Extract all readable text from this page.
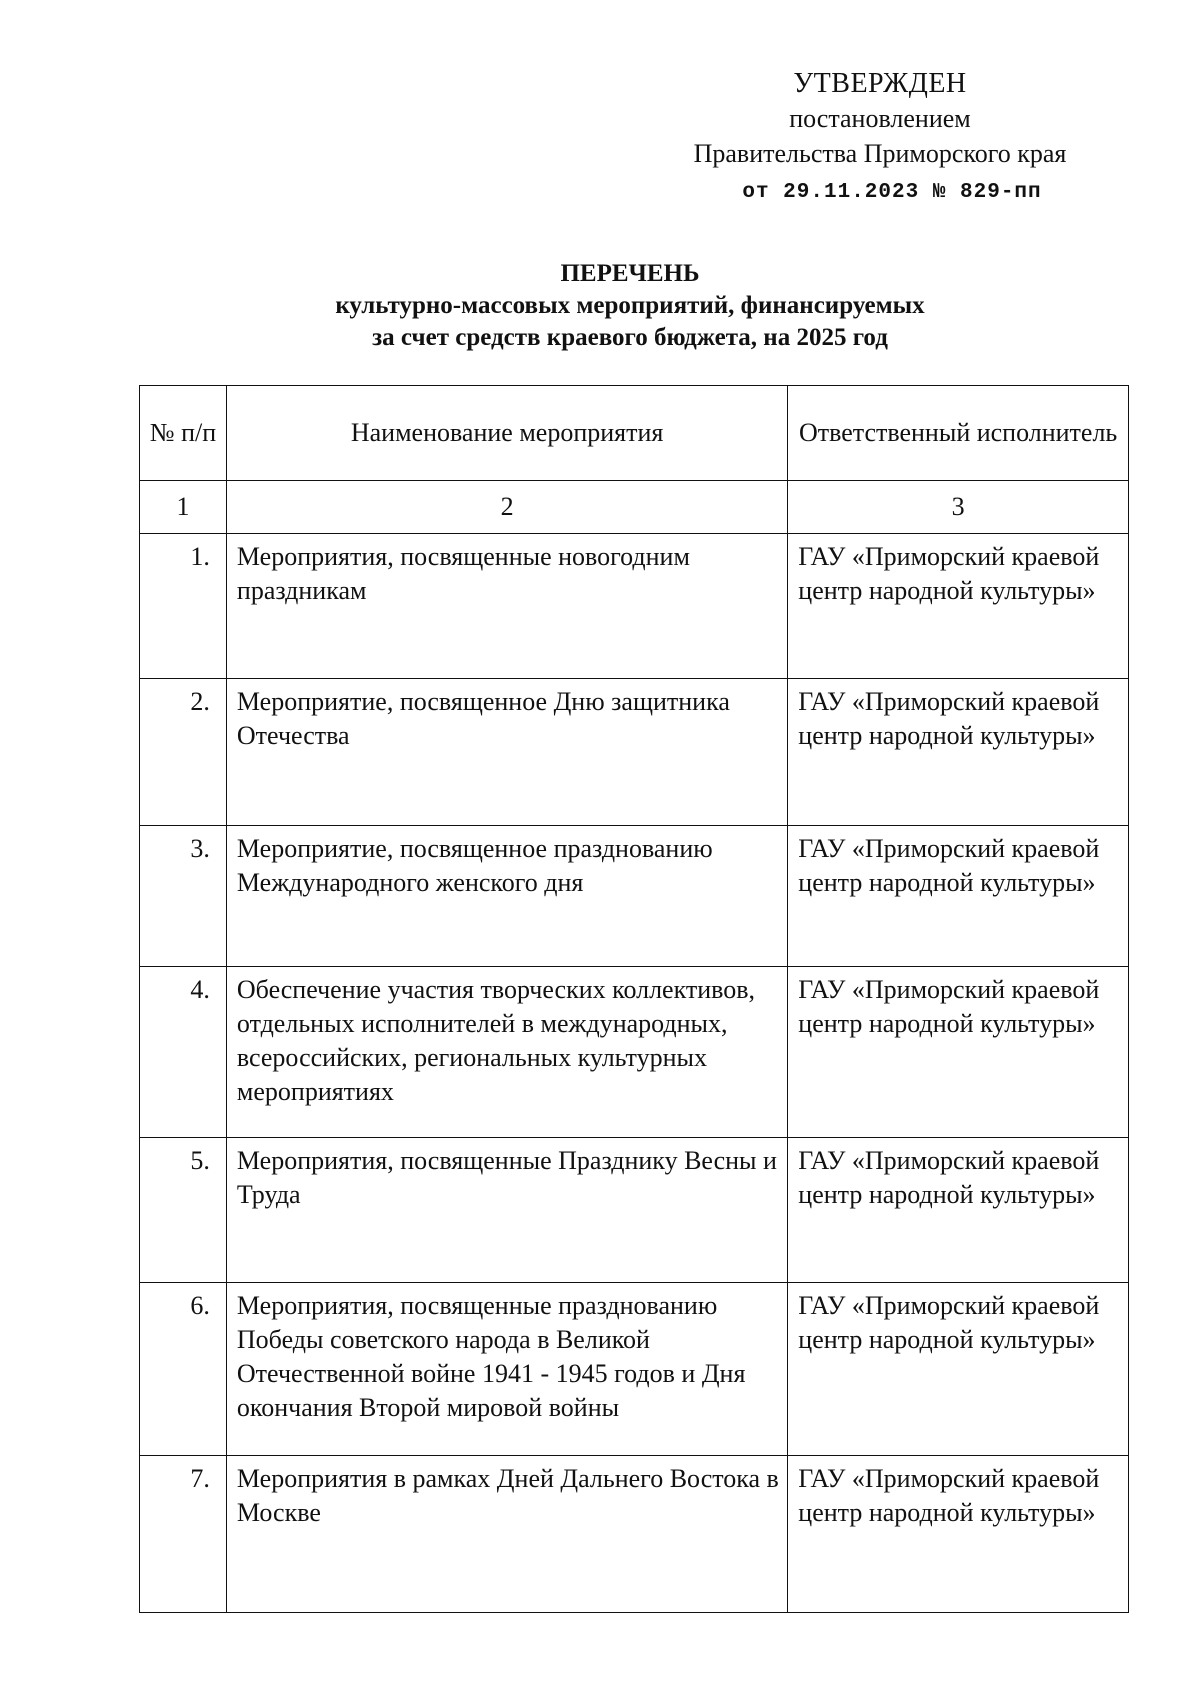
УТВЕРЖДЕН
постановлением
Правительства Приморского края
от 29.11.2023 № 829-пп
ПЕРЕЧЕНЬ
культурно-массовых мероприятий, финансируемых
за счет средств краевого бюджета, на 2025 год
№ п/п	Наименование мероприятия	Ответственный исполнитель
1	2	3
1.	Мероприятия, посвященные новогодним праздникам	ГАУ «Приморский краевой центр народной культуры»
2.	Мероприятие, посвященное Дню защитника Отечества	ГАУ «Приморский краевой центр народной культуры»
3.	Мероприятие, посвященное празднованию Международного женского дня	ГАУ «Приморский краевой центр народной культуры»
4.	Обеспечение участия творческих коллективов, отдельных исполнителей в международных, всероссийских, региональных культурных мероприятиях	ГАУ «Приморский краевой центр народной культуры»
5.	Мероприятия, посвященные Празднику Весны и Труда	ГАУ «Приморский краевой центр народной культуры»
6.	Мероприятия, посвященные празднованию Победы советского народа в Великой Отечественной войне 1941 - 1945 годов и Дня окончания Второй мировой войны	ГАУ «Приморский краевой центр народной культуры»
7.	Мероприятия в рамках Дней Дальнего Востока в Москве	ГАУ «Приморский краевой центр народной культуры»
